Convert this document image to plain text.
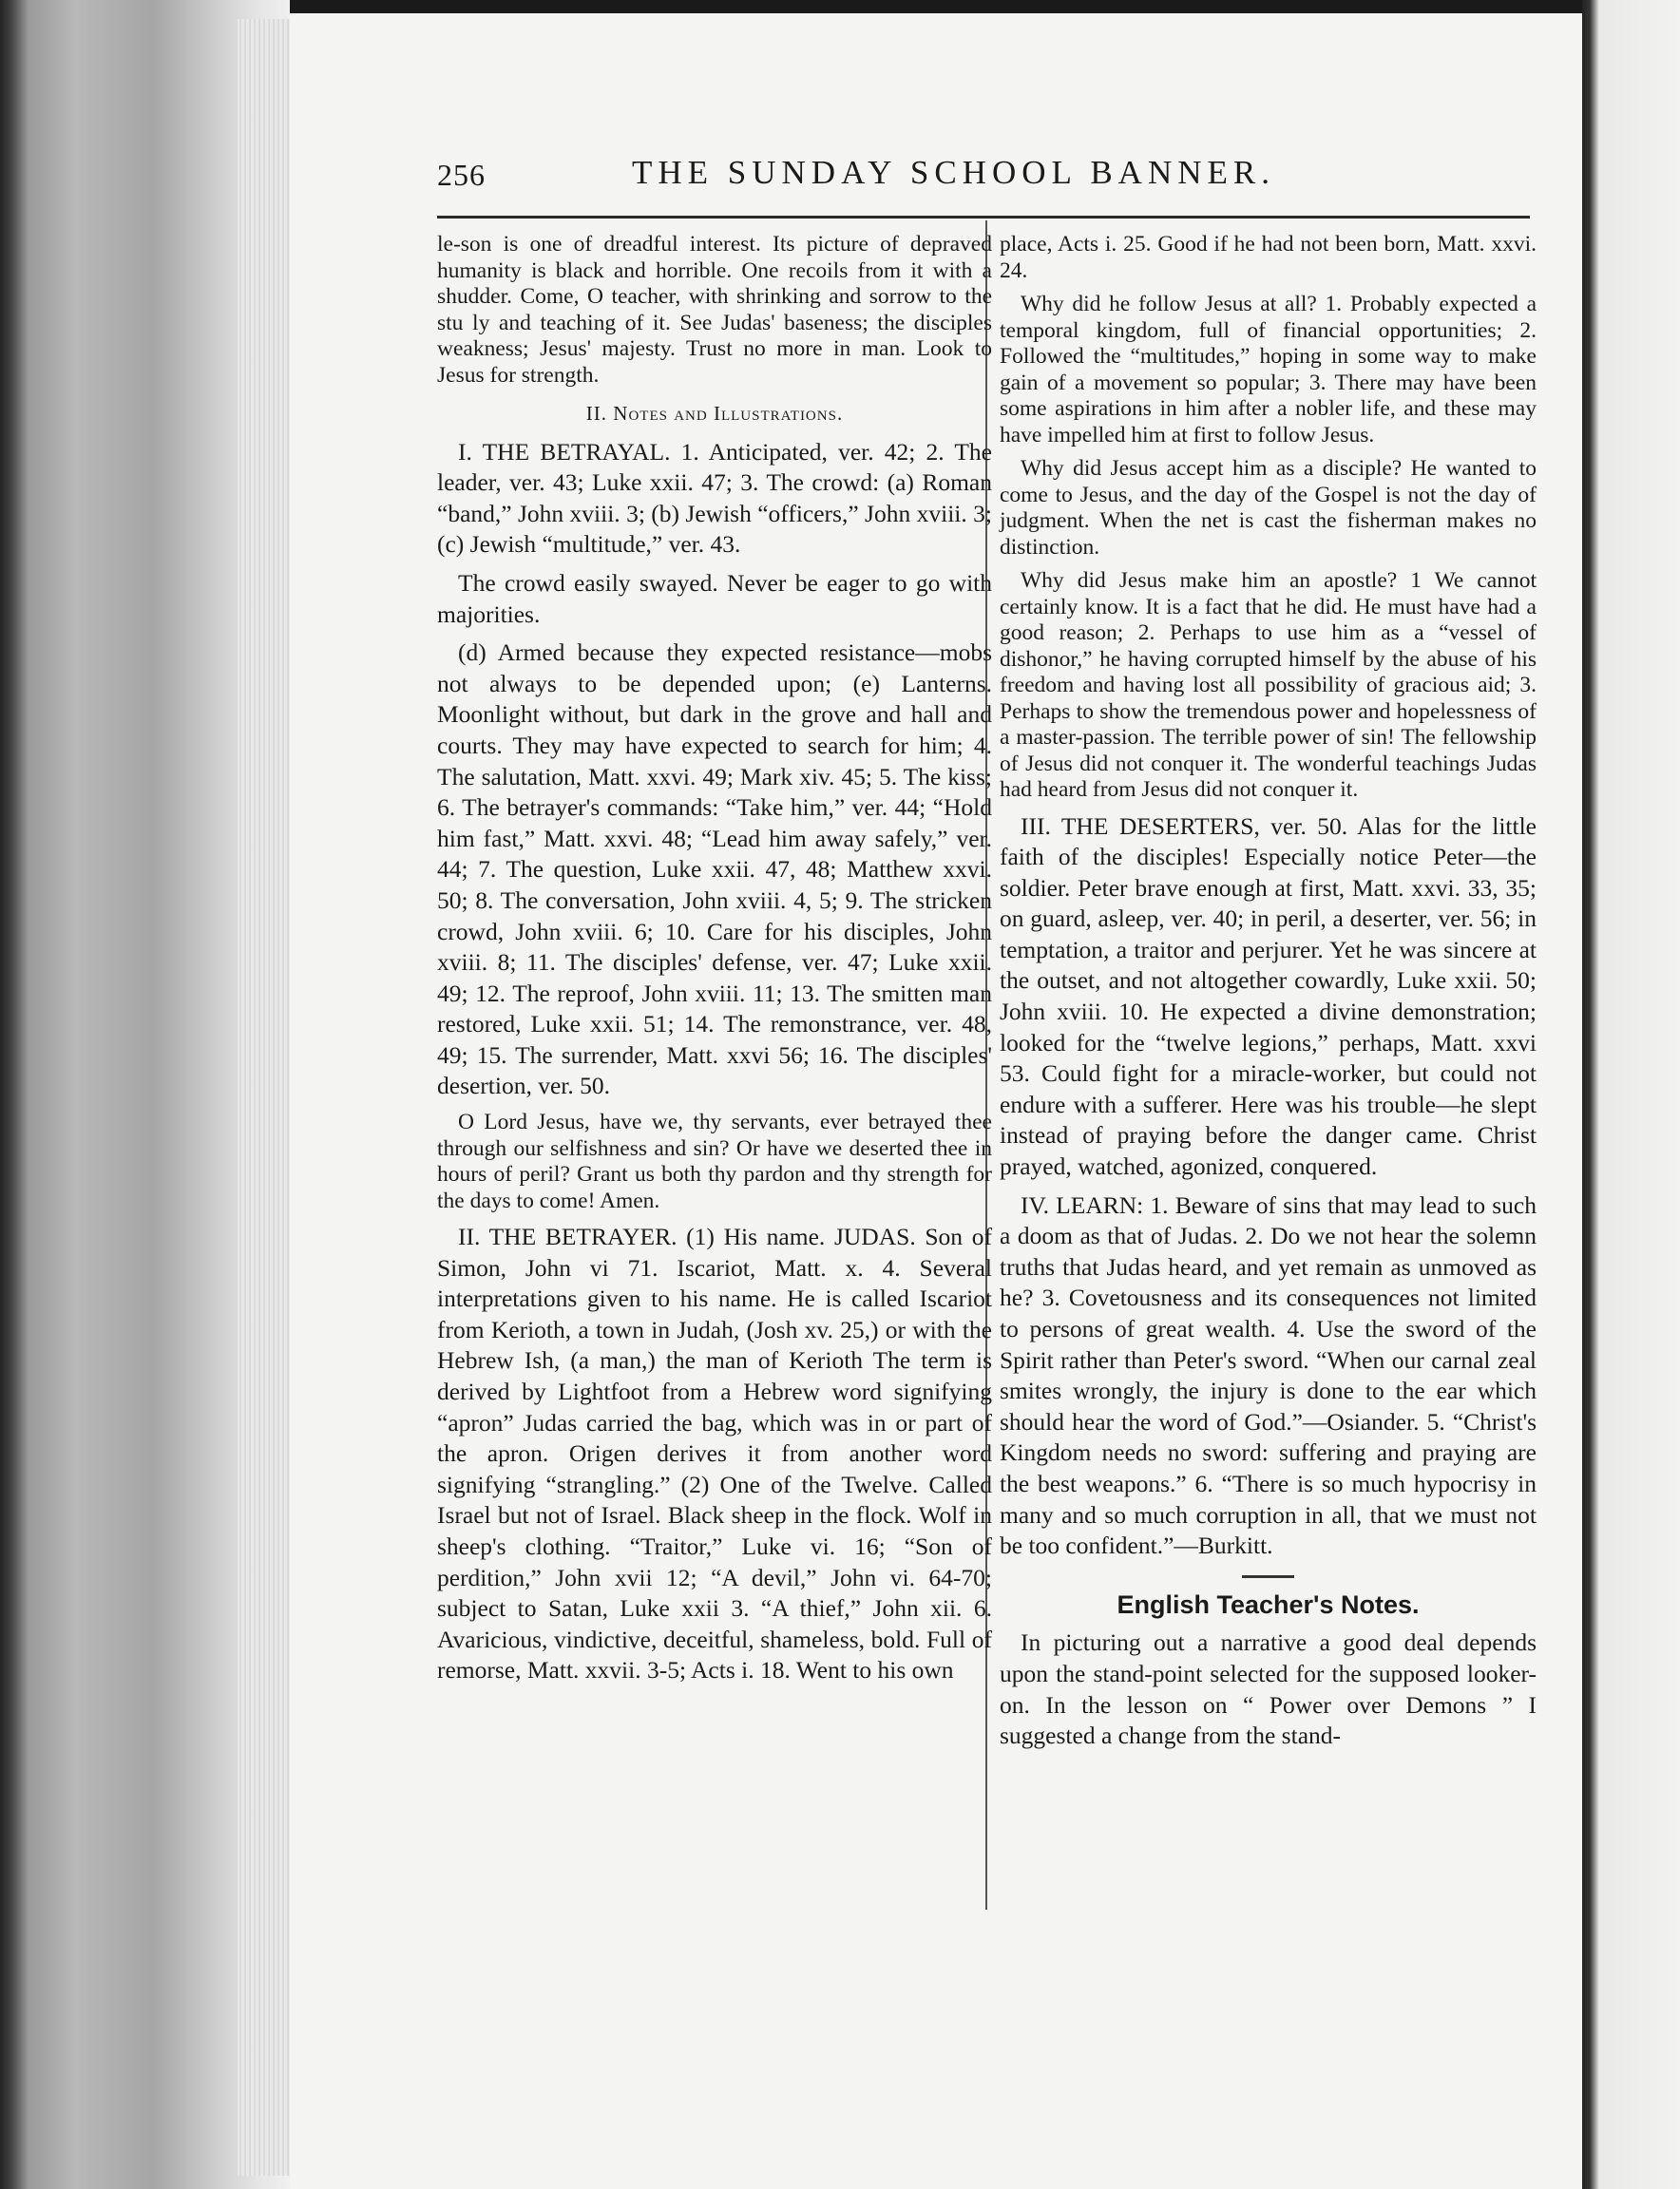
256	THE SUNDAY SCHOOL BANNER.

le-son is one of dreadful interest. Its picture of depraved humanity is black and horrible. One recoils from it with a shudder. Come, O teacher, with shrinking and sorrow to the stu ly and teaching of it. See Judas' baseness; the disciples weakness; Jesus' majesty. Trust no more in man. Look to Jesus for strength.

II. Notes and Illustrations.

I. THE BETRAYAL. 1. Anticipated, ver. 42; 2. The leader, ver. 43; Luke xxii. 47; 3. The crowd: (a) Roman “band,” John xviii. 3; (b) Jewish “officers,” John xviii. 3; (c) Jewish “multitude,” ver. 43.

The crowd easily swayed. Never be eager to go with majorities.

(d) Armed because they expected resistance—mobs not always to be depended upon; (e) Lanterns. Moonlight without, but dark in the grove and hall and courts. They may have expected to search for him; 4. The salutation, Matt. xxvi. 49; Mark xiv. 45; 5. The kiss; 6. The betrayer's commands: “Take him,” ver. 44; “Hold him fast,” Matt. xxvi. 48; “Lead him away safely,” ver. 44; 7. The question, Luke xxii. 47, 48; Matthew xxvi. 50; 8. The conversation, John xviii. 4, 5; 9. The stricken crowd, John xviii. 6; 10. Care for his disciples, John xviii. 8; 11. The disciples' defense, ver. 47; Luke xxii. 49; 12. The reproof, John xviii. 11; 13. The smitten man restored, Luke xxii. 51; 14. The remonstrance, ver. 48, 49; 15. The surrender, Matt. xxvi 56; 16. The disciples' desertion, ver. 50.

O Lord Jesus, have we, thy servants, ever betrayed thee through our selfishness and sin? Or have we deserted thee in hours of peril? Grant us both thy pardon and thy strength for the days to come! Amen.

II. THE BETRAYER. (1) His name. JUDAS. Son of Simon, John vi 71. Iscariot, Matt. x. 4. Several interpretations given to his name. He is called Iscariot from Kerioth, a town in Judah, (Josh xv. 25,) or with the Hebrew Ish, (a man,) the man of Kerioth The term is derived by Lightfoot from a Hebrew word signifying “apron” Judas carried the bag, which was in or part of the apron. Origen derives it from another word signifying “strangling.” (2) One of the Twelve. Called Israel but not of Israel. Black sheep in the flock. Wolf in sheep's clothing. “Traitor,” Luke vi. 16; “Son of perdition,” John xvii 12; “A devil,” John vi. 64-70; subject to Satan, Luke xxii 3. “A thief,” John xii. 6. Avaricious, vindictive, deceitful, shameless, bold. Full of remorse, Matt. xxvii. 3-5; Acts i. 18. Went to his own

place, Acts i. 25. Good if he had not been born, Matt. xxvi. 24.

Why did he follow Jesus at all? 1. Probably expected a temporal kingdom, full of financial opportunities; 2. Followed the “multitudes,” hoping in some way to make gain of a movement so popular; 3. There may have been some aspirations in him after a nobler life, and these may have impelled him at first to follow Jesus.

Why did Jesus accept him as a disciple? He wanted to come to Jesus, and the day of the Gospel is not the day of judgment. When the net is cast the fisherman makes no distinction.

Why did Jesus make him an apostle? 1 We cannot certainly know. It is a fact that he did. He must have had a good reason; 2. Perhaps to use him as a “vessel of dishonor,” he having corrupted himself by the abuse of his freedom and having lost all possibility of gracious aid; 3. Perhaps to show the tremendous power and hopelessness of a master-passion. The terrible power of sin! The fellowship of Jesus did not conquer it. The wonderful teachings Judas had heard from Jesus did not conquer it.

III. THE DESERTERS, ver. 50. Alas for the little faith of the disciples! Especially notice Peter—the soldier. Peter brave enough at first, Matt. xxvi. 33, 35; on guard, asleep, ver. 40; in peril, a deserter, ver. 56; in temptation, a traitor and perjurer. Yet he was sincere at the outset, and not altogether cowardly, Luke xxii. 50; John xviii. 10. He expected a divine demonstration; looked for the “twelve legions,” perhaps, Matt. xxvi 53. Could fight for a miracle-worker, but could not endure with a sufferer. Here was his trouble—he slept instead of praying before the danger came. Christ prayed, watched, agonized, conquered.

IV. LEARN: 1. Beware of sins that may lead to such a doom as that of Judas. 2. Do we not hear the solemn truths that Judas heard, and yet remain as unmoved as he? 3. Covetousness and its consequences not limited to persons of great wealth. 4. Use the sword of the Spirit rather than Peter's sword. “When our carnal zeal smites wrongly, the injury is done to the ear which should hear the word of God.”—Osiander. 5. “Christ's Kingdom needs no sword: suffering and praying are the best weapons.” 6. “There is so much hypocrisy in many and so much corruption in all, that we must not be too confident.”—Burkitt.

English Teacher's Notes.

In picturing out a narrative a good deal depends upon the stand-point selected for the supposed looker-on. In the lesson on “ Power over Demons ” I suggested a change from the stand-
